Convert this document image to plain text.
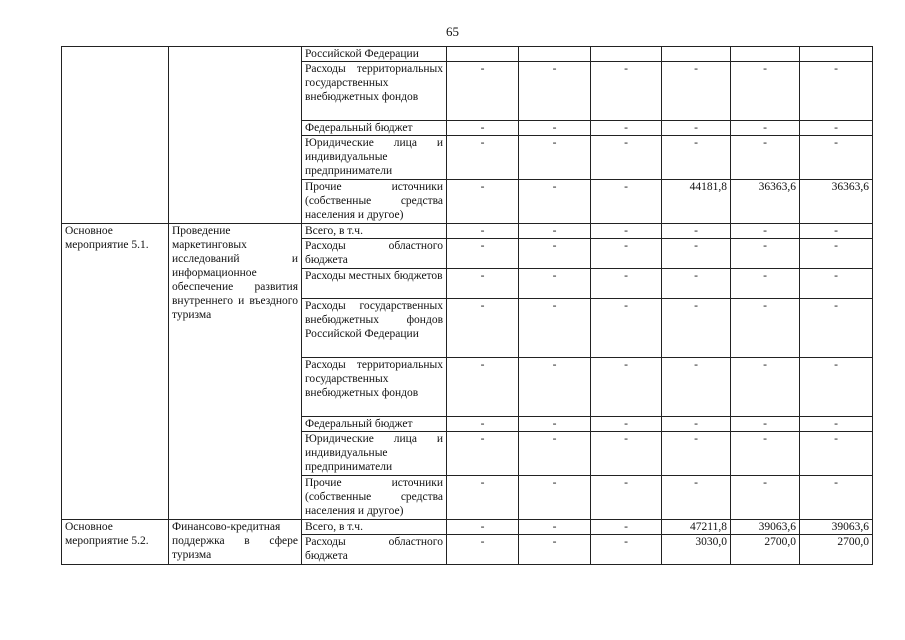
65
		Российской Федерации						
		Расходы территориальных государственных внебюджетных фондов	-	-	-	-	-	-
		Федеральный бюджет	-	-	-	-	-	-
		Юридические лица и индивидуальные предприниматели	-	-	-	-	-	-
		Прочие источники (собственные средства населения и другое)	-	-	-	44181,8	36363,6	36363,6
Основное мероприятие 5.1.	Проведение маркетинговых исследований и информационное обеспечение развития внутреннего и въездного туризма	Всего, в т.ч.	-	-	-	-	-	-
		Расходы областного бюджета	-	-	-	-	-	-
		Расходы местных бюджетов	-	-	-	-	-	-
		Расходы государственных внебюджетных фондов Российской Федерации	-	-	-	-	-	-
		Расходы территориальных государственных внебюджетных фондов	-	-	-	-	-	-
		Федеральный бюджет	-	-	-	-	-	-
		Юридические лица и индивидуальные предприниматели	-	-	-	-	-	-
		Прочие источники (собственные средства населения и другое)	-	-	-	-	-	-
Основное мероприятие 5.2.	Финансово-кредитная поддержка в сфере туризма	Всего, в т.ч.	-	-	-	47211,8	39063,6	39063,6
		Расходы областного бюджета	-	-	-	3030,0	2700,0	2700,0
